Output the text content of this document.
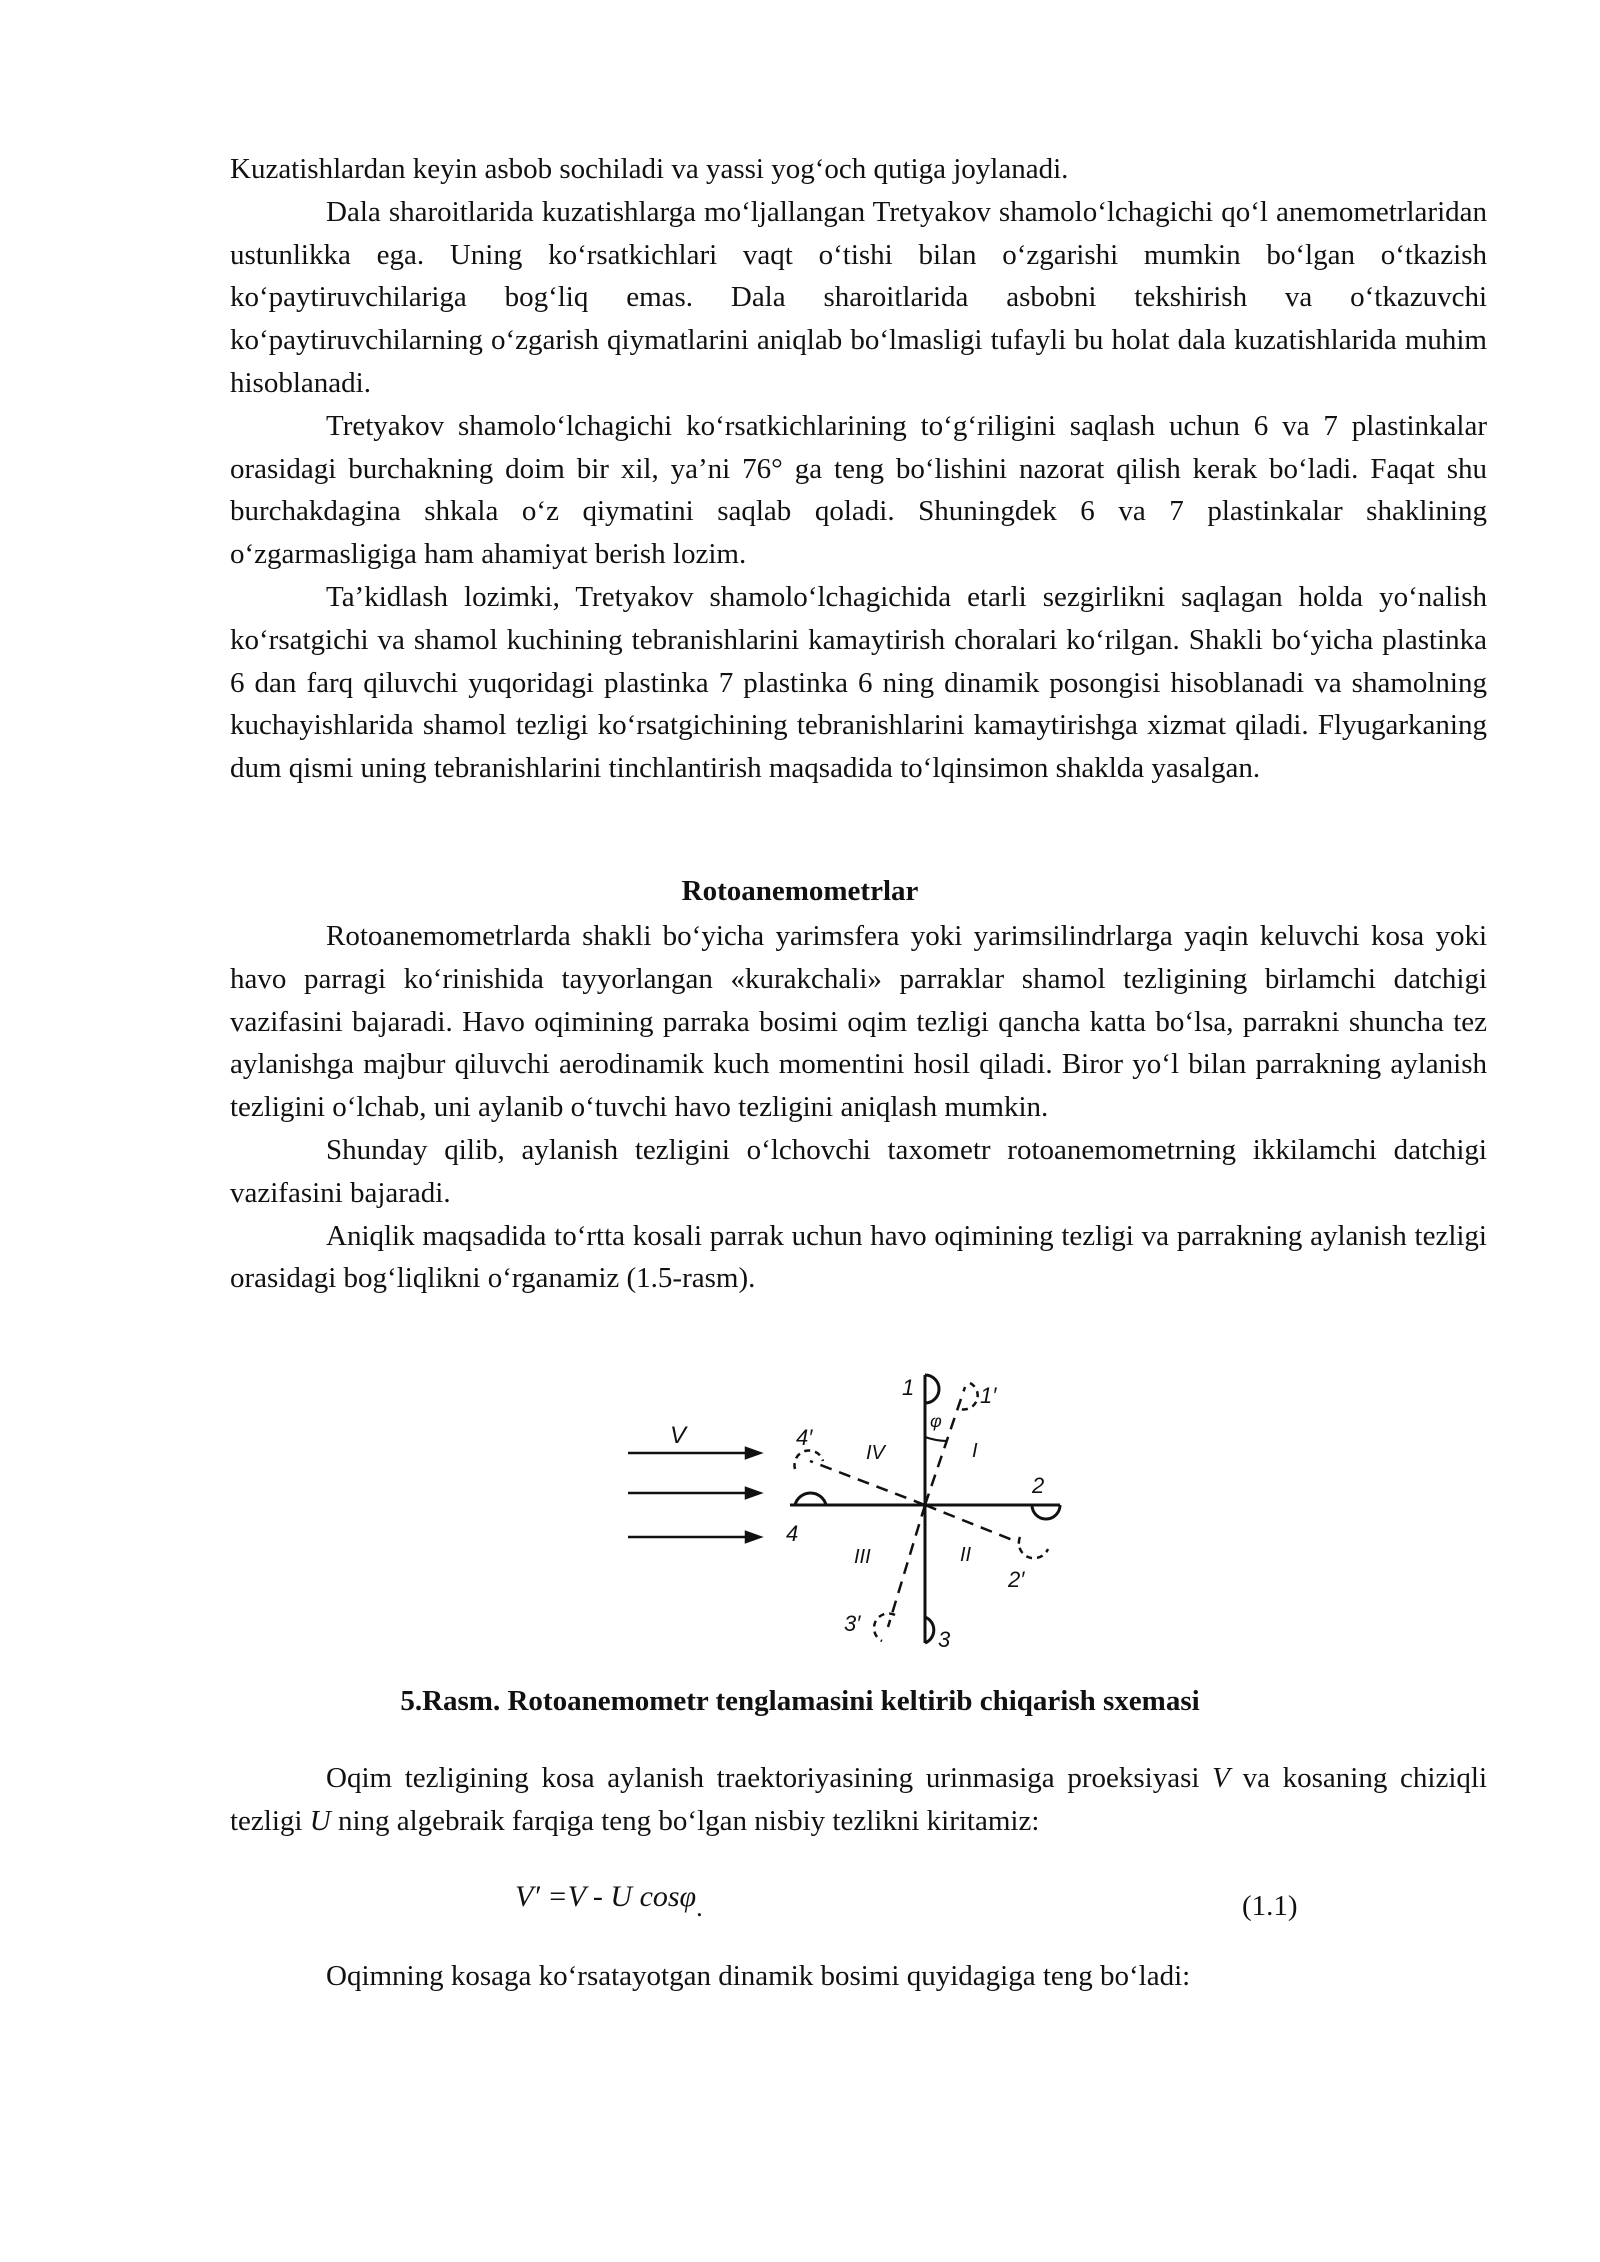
Kuzatishlardan keyin asbob sochiladi va yassi yog‘och qutiga joylanadi.

Dala sharoitlarida kuzatishlarga mo‘ljallangan Tretyakov shamolo‘lchagichi qo‘l anemometrlaridan ustunlikka ega. Uning ko‘rsatkichlari vaqt o‘tishi bilan o‘zgarishi mumkin bo‘lgan o‘tkazish ko‘paytiruvchilariga bog‘liq emas. Dala sharoitlarida asbobni tekshirish va o‘tkazuvchi ko‘paytiruvchilarning o‘zgarish qiymatlarini aniqlab bo‘lmasligi tufayli bu holat dala kuzatishlarida muhim hisoblanadi.

Tretyakov shamolo‘lchagichi ko‘rsatkichlarining to‘g‘riligini saqlash uchun 6 va 7 plastinkalar orasidagi burchakning doim bir xil, ya’ni 76° ga teng bo‘lishini nazorat qilish kerak bo‘ladi. Faqat shu burchakdagina shkala o‘z qiymatini saqlab qoladi. Shuningdek 6 va 7 plastinkalar shaklining o‘zgarmasligiga ham ahamiyat berish lozim.

Ta’kidlash lozimki, Tretyakov shamolo‘lchagichida etarli sezgirlikni saqlagan holda yo‘nalish ko‘rsatgichi va shamol kuchining tebranishlarini kamaytirish choralari ko‘rilgan. Shakli bo‘yicha plastinka 6 dan farq qiluvchi yuqoridagi plastinka 7 plastinka 6 ning dinamik posongisi hisoblanadi va shamolning kuchayishlarida shamol tezligi ko‘rsatgichining tebranishlarini kamaytirishga xizmat qiladi. Flyugarkaning dum qismi uning tebranishlarini tinchlantirish maqsadida to‘lqinsimon shaklda yasalgan.

Rotoanemometrlar

Rotoanemometrlarda shakli bo‘yicha yarimsfera yoki yarimsilindrlarga yaqin keluvchi kosa yoki havo parragi ko‘rinishida tayyorlangan «kurakchali» parraklar shamol tezligining birlamchi datchigi vazifasini bajaradi. Havo oqimining parraka bosimi oqim tezligi qancha katta bo‘lsa, parrakni shuncha tez aylanishga majbur qiluvchi aerodinamik kuch momentini hosil qiladi. Biror yo‘l bilan parrakning aylanish tezligini o‘lchab, uni aylanib o‘tuvchi havo tezligini aniqlash mumkin.

Shunday qilib, aylanish tezligini o‘lchovchi taxometr rotoanemometrning ikkilamchi datchigi vazifasini bajaradi.

Aniqlik maqsadida to‘rtta kosali parrak uchun havo oqimining tezligi va parrakning aylanish tezligi orasidagi bog‘liqlikni o‘rganamiz (1.5-rasm).

V
1	1′
2
2′
3
3′
4
4′
I
II
III
IV
φ
5.Rasm. Rotoanemometr tenglamasini keltirib chiqarish sxemasi

Oqim tezligining kosa aylanish traektoriyasining urinmasiga proeksiyasi V va kosaning chiziqli tezligi U ning algebraik farqiga teng bo‘lgan nisbiy tezlikni kiritamiz:

V′ =V - U cosφ.	(1.1)

Oqimning kosaga ko‘rsatayotgan dinamik bosimi quyidagiga teng bo‘ladi:
